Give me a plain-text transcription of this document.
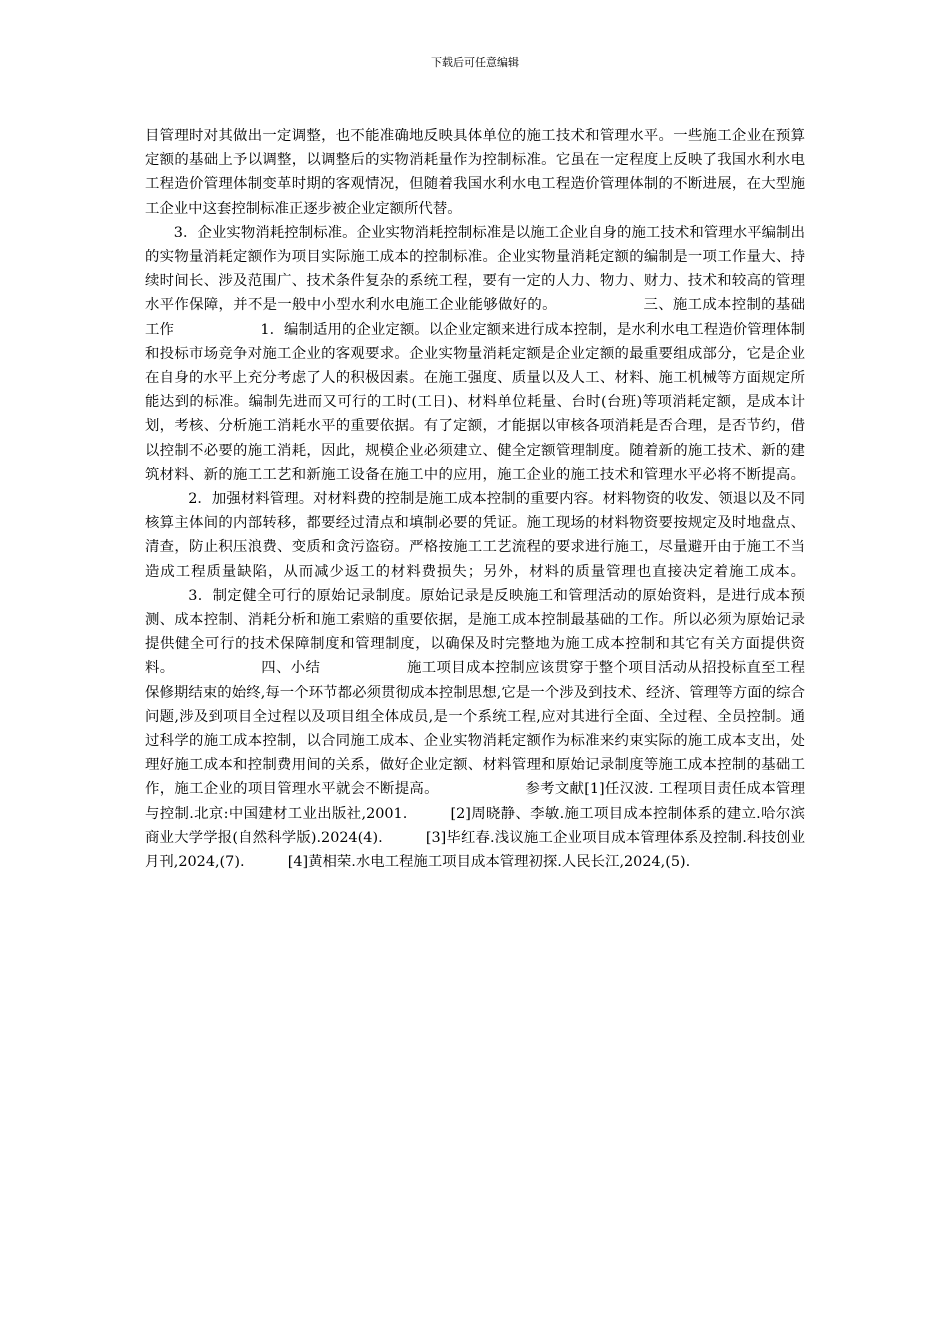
下载后可任意编辑

目管理时对其做出一定调整，也不能准确地反映具体单位的施工技术和管理水平。一些施工企业在预算定额的基础上予以调整，以调整后的实物消耗量作为控制标准。它虽在一定程度上反映了我国水利水电工程造价管理体制变革时期的客观情况，但随着我国水利水电工程造价管理体制的不断进展，在大型施工企业中这套控制标准正逐步被企业定额所代替。

3．企业实物消耗控制标准。企业实物消耗控制标准是以施工企业自身的施工技术和管理水平编制出的实物量消耗定额作为项目实际施工成本的控制标准。企业实物量消耗定额的编制是一项工作量大、持续时间长、涉及范围广、技术条件复杂的系统工程，要有一定的人力、物力、财力、技术和较高的管理水平作保障，并不是一般中小型水利水电施工企业能够做好的。	三、施工成本控制的基础工作	1．编制适用的企业定额。以企业定额来进行成本控制，是水利水电工程造价管理体制和投标市场竞争对施工企业的客观要求。企业实物量消耗定额是企业定额的最重要组成部分，它是企业在自身的水平上充分考虑了人的积极因素。在施工强度、质量以及人工、材料、施工机械等方面规定所能达到的标准。编制先进而又可行的工时(工日)、材料单位耗量、台时(台班)等项消耗定额，是成本计划，考核、分析施工消耗水平的重要依据。有了定额，才能据以审核各项消耗是否合理，是否节约，借以控制不必要的施工消耗，因此，规模企业必须建立、健全定额管理制度。随着新的施工技术、新的建筑材料、新的施工工艺和新施工设备在施工中的应用，施工企业的施工技术和管理水平必将不断提高。2．加强材料管理。对材料费的控制是施工成本控制的重要内容。材料物资的收发、领退以及不同核算主体间的内部转移，都要经过清点和填制必要的凭证。施工现场的材料物资要按规定及时地盘点、清查，防止积压浪费、变质和贪污盗窃。严格按施工工艺流程的要求进行施工，尽量避开由于施工不当造成工程质量缺陷，从而减少返工的材料费损失；另外，材料的质量管理也直接决定着施工成本。3．制定健全可行的原始记录制度。原始记录是反映施工和管理活动的原始资料，是进行成本预测、成本控制、消耗分析和施工索赔的重要依据，是施工成本控制最基础的工作。所以必须为原始记录提供健全可行的技术保障制度和管理制度，以确保及时完整地为施工成本控制和其它有关方面提供资料。	四、小结	施工项目成本控制应该贯穿于整个项目活动从招投标直至工程保修期结束的始终,每一个环节都必须贯彻成本控制思想,它是一个涉及到技术、经济、管理等方面的综合问题,涉及到项目全过程以及项目组全体成员,是一个系统工程,应对其进行全面、全过程、全员控制。通过科学的施工成本控制，以合同施工成本、企业实物消耗定额作为标准来约束实际的施工成本支出，处理好施工成本和控制费用间的关系，做好企业定额、材料管理和原始记录制度等施工成本控制的基础工作，施工企业的项目管理水平就会不断提高。	参考文献[1]任汉波. 工程项目责任成本管理与控制.北京:中国建材工业出版社,2001.	[2]周晓静、李敏.施工项目成本控制体系的建立.哈尔滨商业大学学报(自然科学版).2024(4).	[3]毕红春.浅议施工企业项目成本管理体系及控制.科技创业月刊,2024,(7).	[4]黄相荣.水电工程施工项目成本管理初探.人民长江,2024,(5).
